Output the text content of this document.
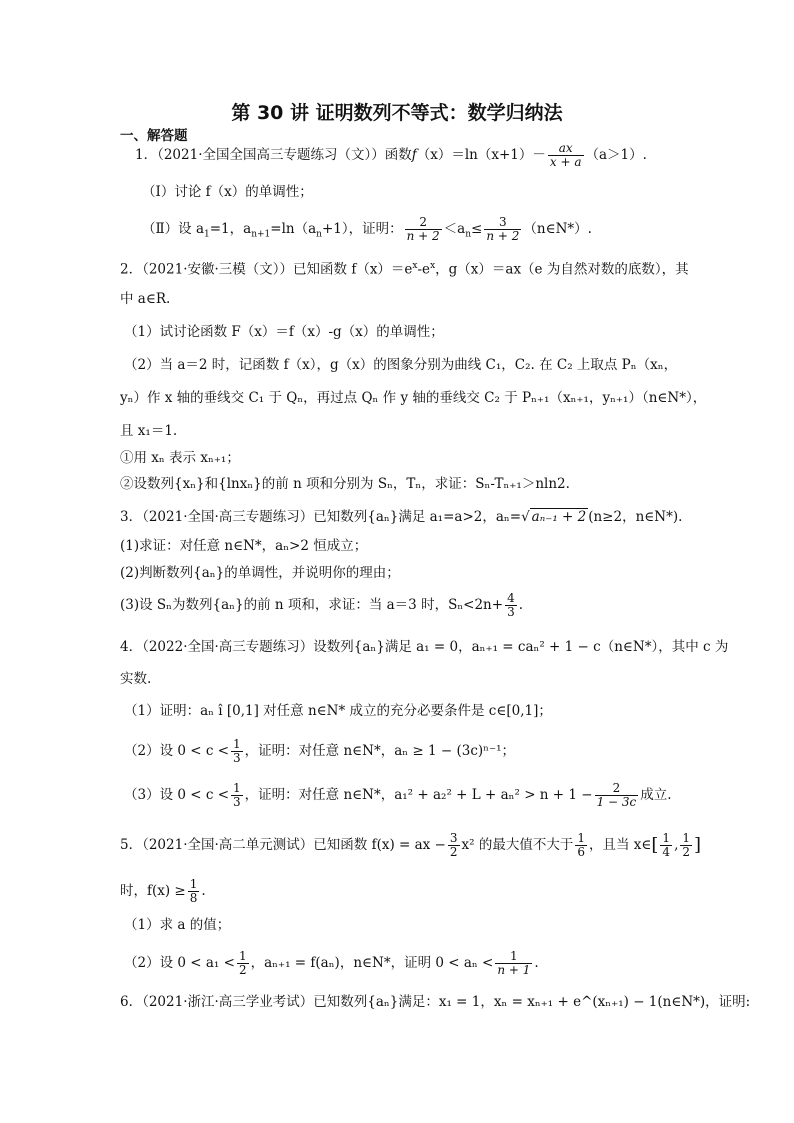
第 30 讲 证明数列不等式：数学归纳法
一、解答题
1．（2021·全国全国高三专题练习（文））函数$f(x)=\ln(x+1)- \frac{ax}{x + a} (a>1)$.
（Ⅰ）讨论 f（x）的单调性；
（Ⅱ）设 $a_1=1$，$a_{n+1}=\ln(a_n+1)$，证明： $\frac{2}{n + 2} <a_n\le \frac{3}{n + 2}$ （n∈N*）.
2．（2021·安徽·三模（文））已知函数 $f(x)=e^x-e^x$，g（x）＝ax（e 为自然对数的底数），其
中 a∈R.
（1）试讨论函数 F（x）＝f（x）-g（x）的单调性；
（2）当 a＝2 时，记函数 f（x），g（x）的图象分别为曲线 C₁，C₂. 在 C₂ 上取点 Pₙ（xₙ，
yₙ）作 x 轴的垂线交 C₁ 于 Qₙ，再过点 Qₙ 作 y 轴的垂线交 C₂ 于 Pₙ₊₁（xₙ₊₁，yₙ₊₁）（n∈N*），
且 x₁＝1.
①用 xₙ 表示 xₙ₊₁；
②设数列{xₙ}和{lnxₙ}的前 n 项和分别为 Sₙ，Tₙ，求证：Sₙ-Tₙ₊₁＞nln2.
3．（2021·全国·高三专题练习）已知数列{aₙ}满足 a₁=a>2，aₙ=√ aₙ₋₁ + 2 (n≥2，n∈N*).
(1)求证：对任意 n∈N*，aₙ>2 恒成立；
(2)判断数列{aₙ}的单调性，并说明你的理由；
(3)设 Sₙ为数列{aₙ}的前 n 项和，求证：当 a＝3 时，$S_n<2n+ \frac{4}{3}$ .
4．（2022·全国·高三专题练习）设数列{aₙ}满足 a₁ = 0，aₙ₊₁ = caₙ² + 1 − c（n∈N*），其中 c 为
实数.
（1）证明：aₙ î [0,1] 对任意 n∈N* 成立的充分必要条件是 c∈[0,1]；
（2）设 $0 < c < \frac{1}{3}$ ，证明：对任意 n∈N*，aₙ ≥ 1 − (3c)ⁿ⁻¹；
（3）设 $0 < c < \frac{1}{3}$ ，证明：对任意 n∈N*，$a_1^2 + a_2^2 + L + a_n^2 > n + 1 - \frac{2}{1 - 3c}$ 成立.
5．（2021·全国·高二单元测试）已知函数 f(x) = ax − $\frac{3}{2} x^2$ 的最大值不大于 $\frac{1}{6}$ ，且当 x∈[ $\frac{1}{4}$ , $\frac{1}{2}$ ]
时，$f(x) \ge \frac{1}{8}$ .
（1）求 a 的值；
（2）设 $0 < a_1 < \frac{1}{2}$ ，aₙ₊₁ = f(aₙ)，n∈N*，证明 $0 < a_n < \frac{1}{n + 1}$ .
6．（2021·浙江·高三学业考试）已知数列{aₙ}满足：x₁ = 1，xₙ = xₙ₊₁ + e^(xₙ₊₁) − 1(n∈N*)，证明:
